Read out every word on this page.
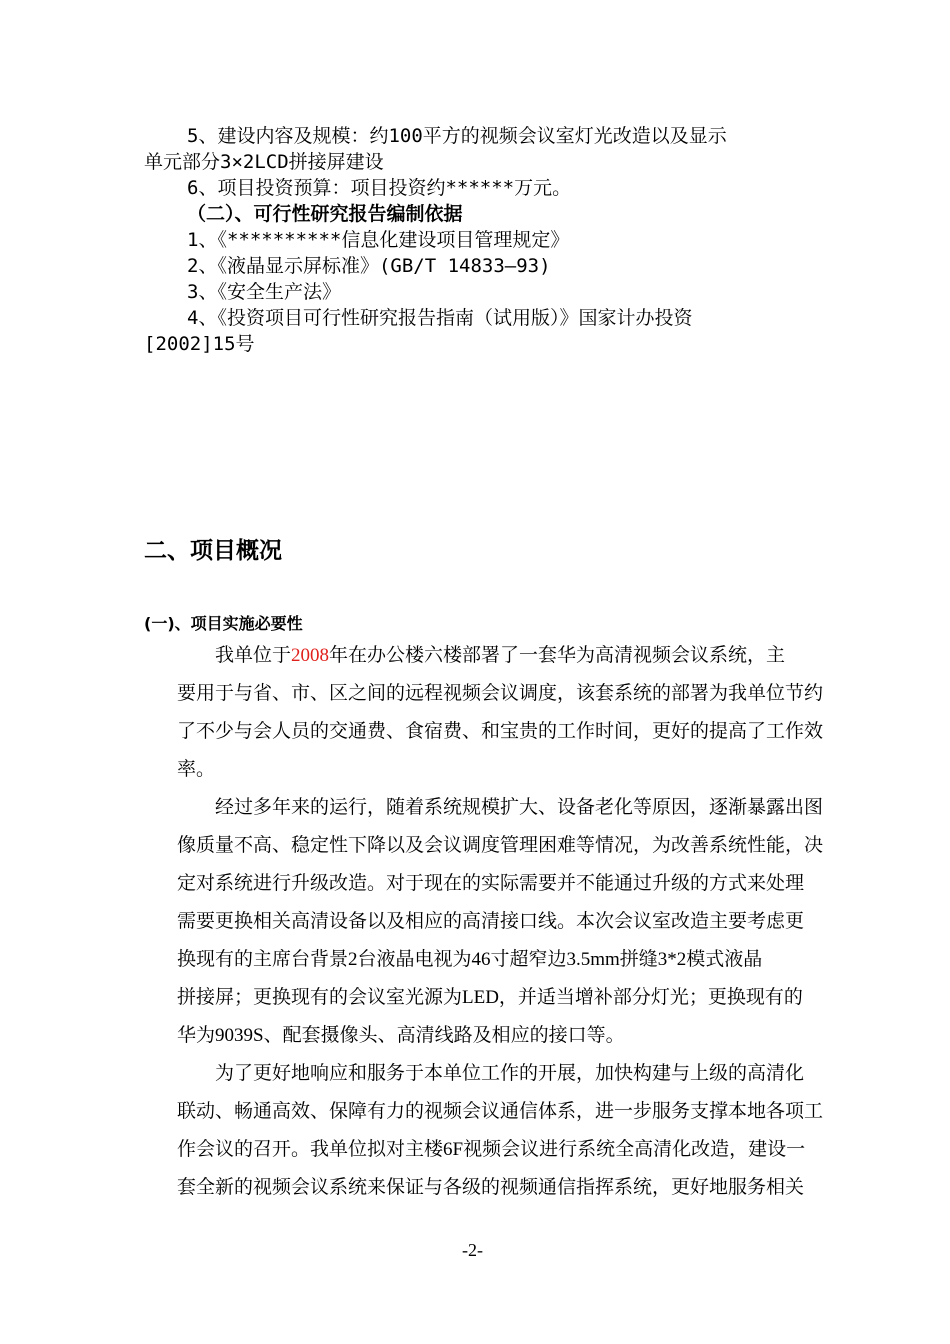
5、建设内容及规模：约100平方的视频会议室灯光改造以及显示
单元部分3×2LCD拼接屏建设
6、项目投资预算：项目投资约******万元。
（二）、可行性研究报告编制依据
1、《**********信息化建设项目管理规定》
2、《液晶显示屏标准》(GB/T 14833—93)
3、《安全生产法》
4、《投资项目可行性研究报告指南（试用版）》国家计办投资
[2002]15号
二、项目概况
(一)、项目实施必要性
我单位于2008年在办公楼六楼部署了一套华为高清视频会议系统，主
要用于与省、市、区之间的远程视频会议调度，该套系统的部署为我单位节约
了不少与会人员的交通费、食宿费、和宝贵的工作时间，更好的提高了工作效
率。
经过多年来的运行，随着系统规模扩大、设备老化等原因，逐渐暴露出图
像质量不高、稳定性下降以及会议调度管理困难等情况，为改善系统性能，决
定对系统进行升级改造。对于现在的实际需要并不能通过升级的方式来处理
需要更换相关高清设备以及相应的高清接口线。本次会议室改造主要考虑更
换现有的主席台背景2台液晶电视为46寸超窄边3.5mm拼缝3*2模式液晶
拼接屏；更换现有的会议室光源为LED，并适当增补部分灯光；更换现有的
华为9039S、配套摄像头、高清线路及相应的接口等。
为了更好地响应和服务于本单位工作的开展，加快构建与上级的高清化
联动、畅通高效、保障有力的视频会议通信体系，进一步服务支撑本地各项工
作会议的召开。我单位拟对主楼6F视频会议进行系统全高清化改造，建设一
套全新的视频会议系统来保证与各级的视频通信指挥系统，更好地服务相关
-2-
